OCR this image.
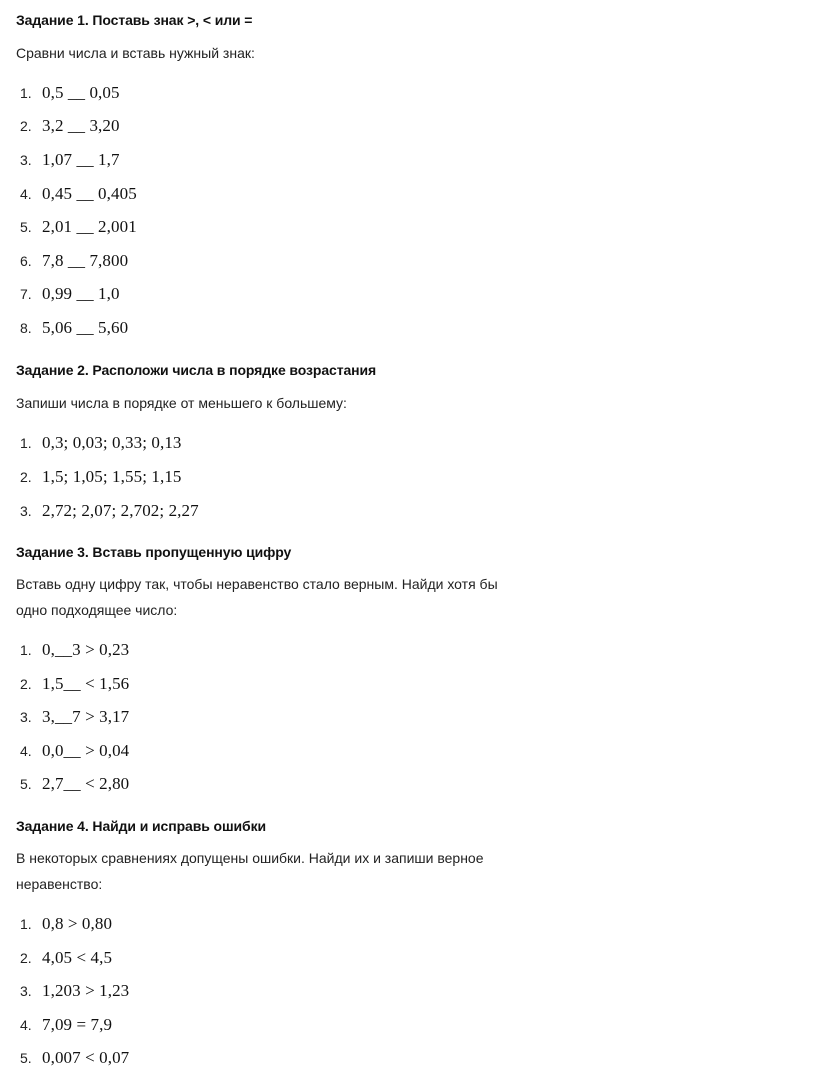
Задание 1. Поставь знак >, < или =
Сравни числа и вставь нужный знак:
1. 0,5 __ 0,05
2. 3,2 __ 3,20
3. 1,07 __ 1,7
4. 0,45 __ 0,405
5. 2,01 __ 2,001
6. 7,8 __ 7,800
7. 0,99 __ 1,0
8. 5,06 __ 5,60
Задание 2. Расположи числа в порядке возрастания
Запиши числа в порядке от меньшего к большему:
1. 0,3; 0,03; 0,33; 0,13
2. 1,5; 1,05; 1,55; 1,15
3. 2,72; 2,07; 2,702; 2,27
Задание 3. Вставь пропущенную цифру
Вставь одну цифру так, чтобы неравенство стало верным. Найди хотя бы
одно подходящее число:
1. 0,__3 > 0,23
2. 1,5__ < 1,56
3. 3,__7 > 3,17
4. 0,0__ > 0,04
5. 2,7__ < 2,80
Задание 4. Найди и исправь ошибки
В некоторых сравнениях допущены ошибки. Найди их и запиши верное
неравенство:
1. 0,8 > 0,80
2. 4,05 < 4,5
3. 1,203 > 1,23
4. 7,09 = 7,9
5. 0,007 < 0,07
